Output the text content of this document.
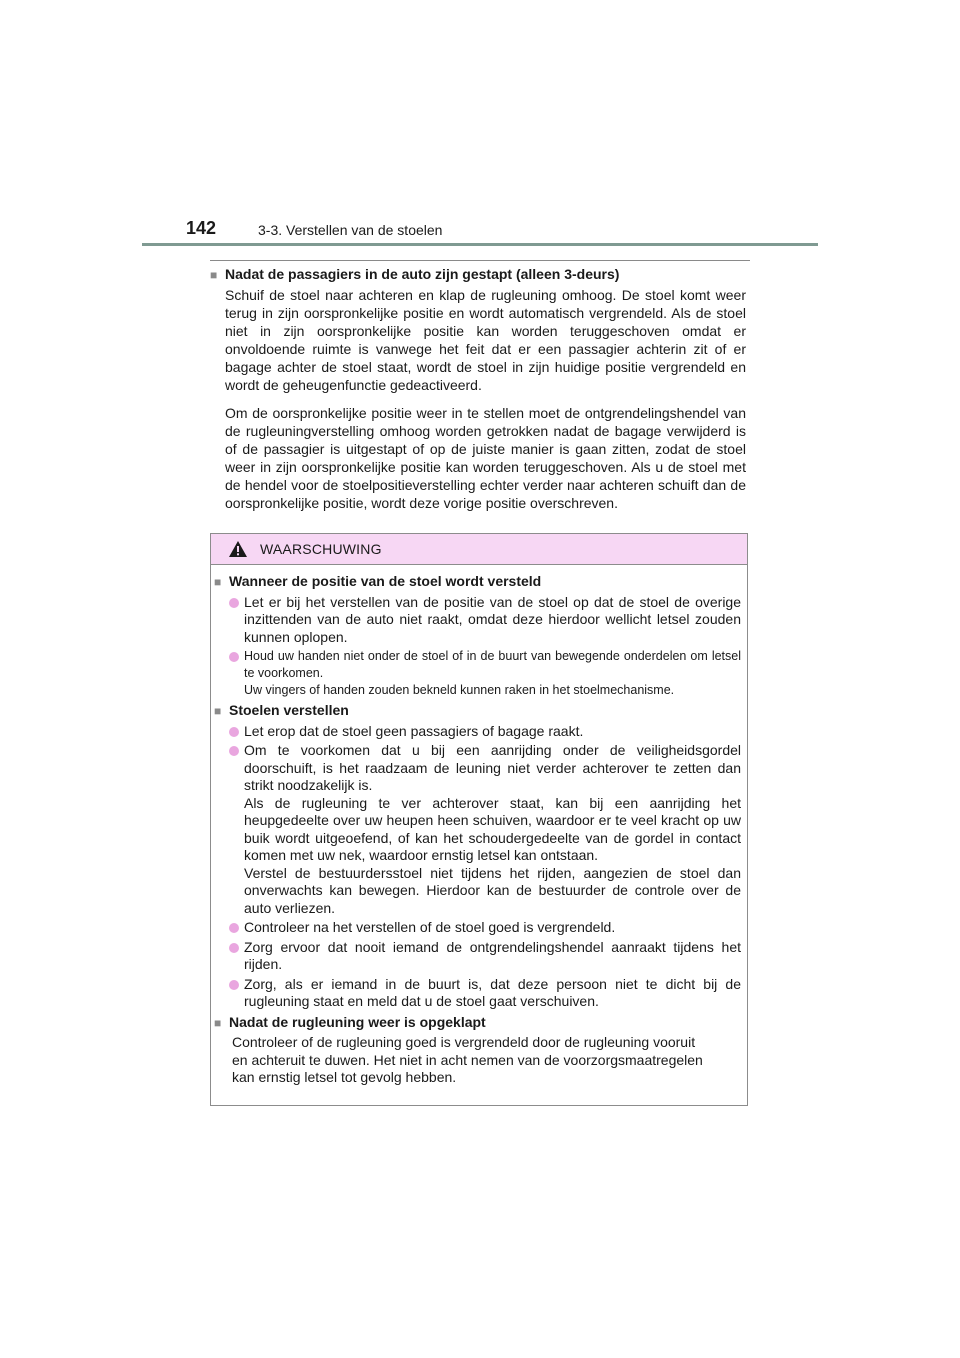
142	3-3. Verstellen van de stoelen
■ Nadat de passagiers in de auto zijn gestapt (alleen 3-deurs)
Schuif de stoel naar achteren en klap de rugleuning omhoog. De stoel komt weer terug in zijn oorspronkelijke positie en wordt automatisch vergrendeld. Als de stoel niet in zijn oorspronkelijke positie kan worden teruggeschoven omdat er onvoldoende ruimte is vanwege het feit dat er een passagier achterin zit of er bagage achter de stoel staat, wordt de stoel in zijn huidige positie vergrendeld en wordt de geheugenfunctie gedeactiveerd.
Om de oorspronkelijke positie weer in te stellen moet de ontgrendelingshendel van de rugleuningverstelling omhoog worden getrokken nadat de bagage verwijderd is of de passagier is uitgestapt of op de juiste manier is gaan zitten, zodat de stoel weer in zijn oorspronkelijke positie kan worden teruggeschoven. Als u de stoel met de hendel voor de stoelpositieverstelling echter verder naar achteren schuift dan de oorspronkelijke positie, wordt deze vorige positie overschreven.
WAARSCHUWING
■ Wanneer de positie van de stoel wordt versteld
Let er bij het verstellen van de positie van de stoel op dat de stoel de overige inzittenden van de auto niet raakt, omdat deze hierdoor wellicht letsel zouden kunnen oplopen.
Houd uw handen niet onder de stoel of in de buurt van bewegende onderdelen om letsel te voorkomen.
Uw vingers of handen zouden bekneld kunnen raken in het stoelmechanisme.
■ Stoelen verstellen
Let erop dat de stoel geen passagiers of bagage raakt.
Om te voorkomen dat u bij een aanrijding onder de veiligheidsgordel doorschuift, is het raadzaam de leuning niet verder achterover te zetten dan strikt noodzakelijk is.
Als de rugleuning te ver achterover staat, kan bij een aanrijding het heupgedeelte over uw heupen heen schuiven, waardoor er te veel kracht op uw buik wordt uitgeoefend, of kan het schoudergedeelte van de gordel in contact komen met uw nek, waardoor ernstig letsel kan ontstaan.
Verstel de bestuurdersstoel niet tijdens het rijden, aangezien de stoel dan onverwachts kan bewegen. Hierdoor kan de bestuurder de controle over de auto verliezen.
Controleer na het verstellen of de stoel goed is vergrendeld.
Zorg ervoor dat nooit iemand de ontgrendelingshendel aanraakt tijdens het rijden.
Zorg, als er iemand in de buurt is, dat deze persoon niet te dicht bij de rugleuning staat en meld dat u de stoel gaat verschuiven.
■ Nadat de rugleuning weer is opgeklapt
Controleer of de rugleuning goed is vergrendeld door de rugleuning vooruit
en achteruit te duwen. Het niet in acht nemen van de voorzorgsmaatregelen
kan ernstig letsel tot gevolg hebben.
